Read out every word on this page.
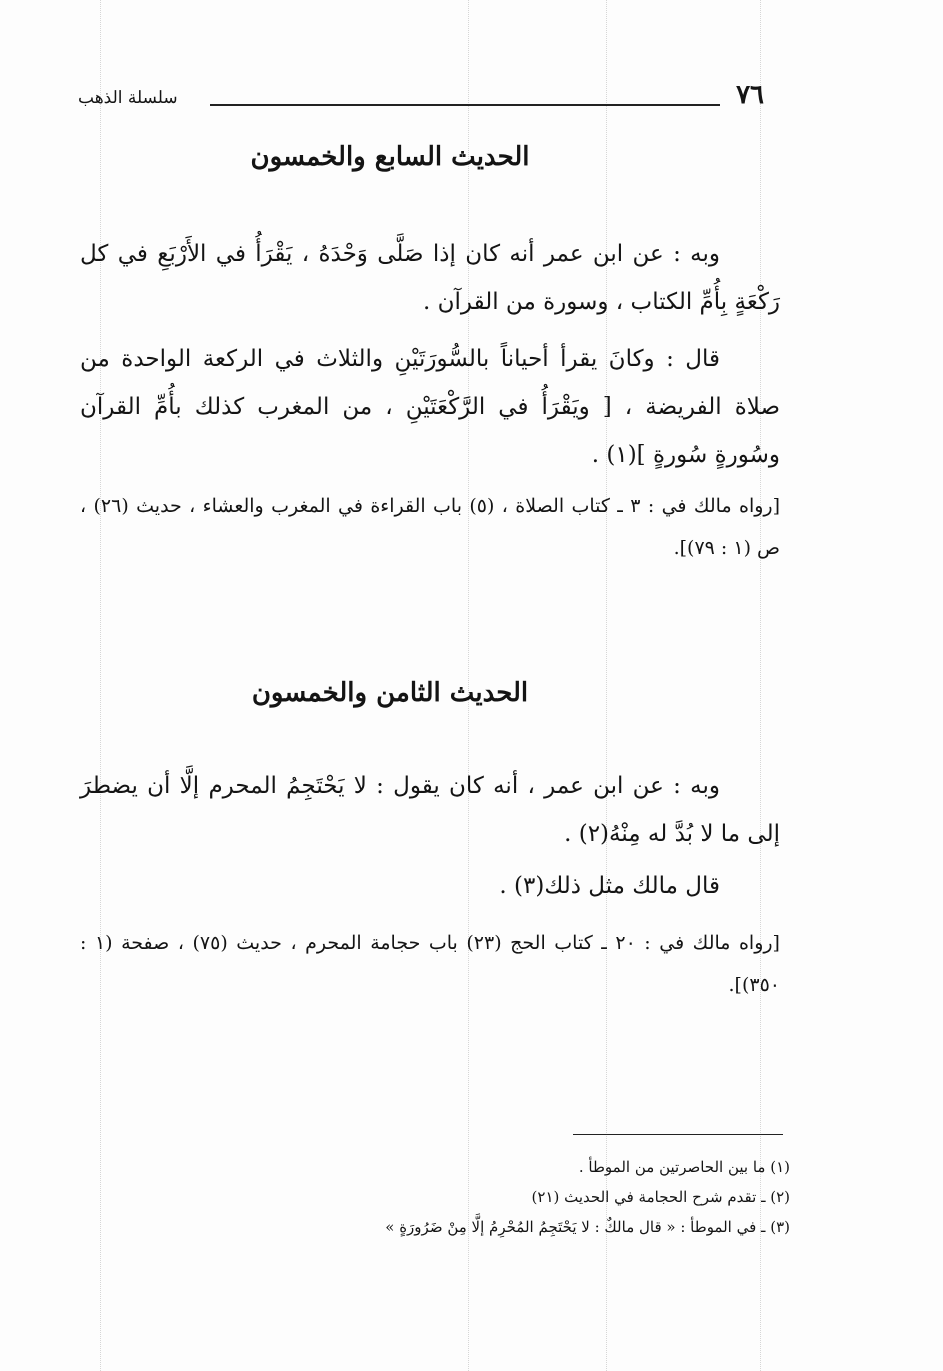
٧٦
سلسلة الذهب
الحديث السابع والخمسون
وبه : عن ابن عمر أنه كان إذا صَلَّى وَحْدَهُ ، يَقْرَأُ في الأَرْبَعِ في كل رَكْعَةٍ بِأُمِّ الكتاب ، وسورة من القرآن .
قال : وكانَ يقرأ أحياناً بالسُّورَتَيْنِ والثلاث في الركعة الواحدة من صلاة الفريضة ، [ ويَقْرَأُ في الرَّكْعَتَيْنِ ، من المغرب كذلك بأُمِّ القرآن وسُورةٍ سُورةٍ ](١) .
[رواه مالك في : ٣ ـ كتاب الصلاة ، (٥) باب القراءة في المغرب والعشاء ، حديث (٢٦) ، ص (١ : ٧٩)].
الحديث الثامن والخمسون
وبه : عن ابن عمر ، أنه كان يقول : لا يَحْتَجِمُ المحرم إلَّا أن يضطرَ إلى ما لا بُدَّ له مِنْهُ(٢) .
قال مالك مثل ذلك(٣) .
[رواه مالك في : ٢٠ ـ كتاب الحج (٢٣) باب حجامة المحرم ، حديث (٧٥) ، صفحة (١ : ٣٥٠)].
(١) ما بين الحاصرتين من الموطأ .
(٢) ـ تقدم شرح الحجامة في الحديث (٢١)
(٣) ـ في الموطأ : « قال مالكٌ : لا يَحْتَجِمُ المُحْرِمُ إلَّا مِنْ ضَرُورَةٍ »
